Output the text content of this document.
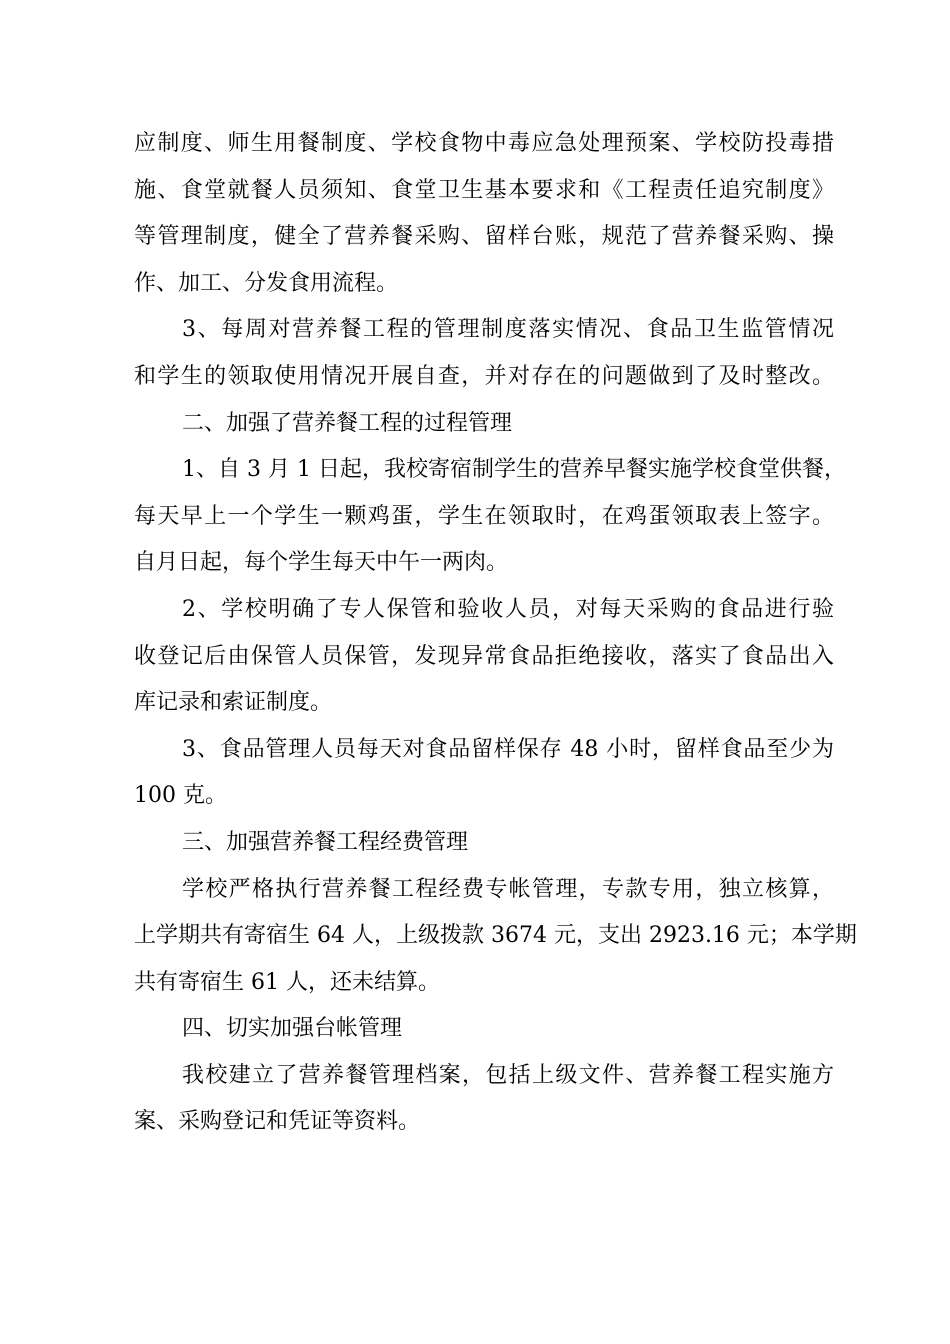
应制度、师生用餐制度、学校食物中毒应急处理预案、学校防投毒措
施、食堂就餐人员须知、食堂卫生基本要求和《工程责任追究制度》
等管理制度，健全了营养餐采购、留样台账，规范了营养餐采购、操
作、加工、分发食用流程。
3、每周对营养餐工程的管理制度落实情况、食品卫生监管情况
和学生的领取使用情况开展自查，并对存在的问题做到了及时整改。
二、加强了营养餐工程的过程管理
1、自 3 月 1 日起，我校寄宿制学生的营养早餐实施学校食堂供餐，
每天早上一个学生一颗鸡蛋，学生在领取时，在鸡蛋领取表上签字。
自月日起，每个学生每天中午一两肉。
2、学校明确了专人保管和验收人员，对每天采购的食品进行验
收登记后由保管人员保管，发现异常食品拒绝接收，落实了食品出入
库记录和索证制度。
3、食品管理人员每天对食品留样保存 48 小时，留样食品至少为
100 克。
三、加强营养餐工程经费管理
学校严格执行营养餐工程经费专帐管理，专款专用，独立核算，
上学期共有寄宿生 64 人，上级拨款 3674 元，支出 2923.16 元；本学期
共有寄宿生 61 人，还未结算。
四、切实加强台帐管理
我校建立了营养餐管理档案，包括上级文件、营养餐工程实施方
案、采购登记和凭证等资料。
